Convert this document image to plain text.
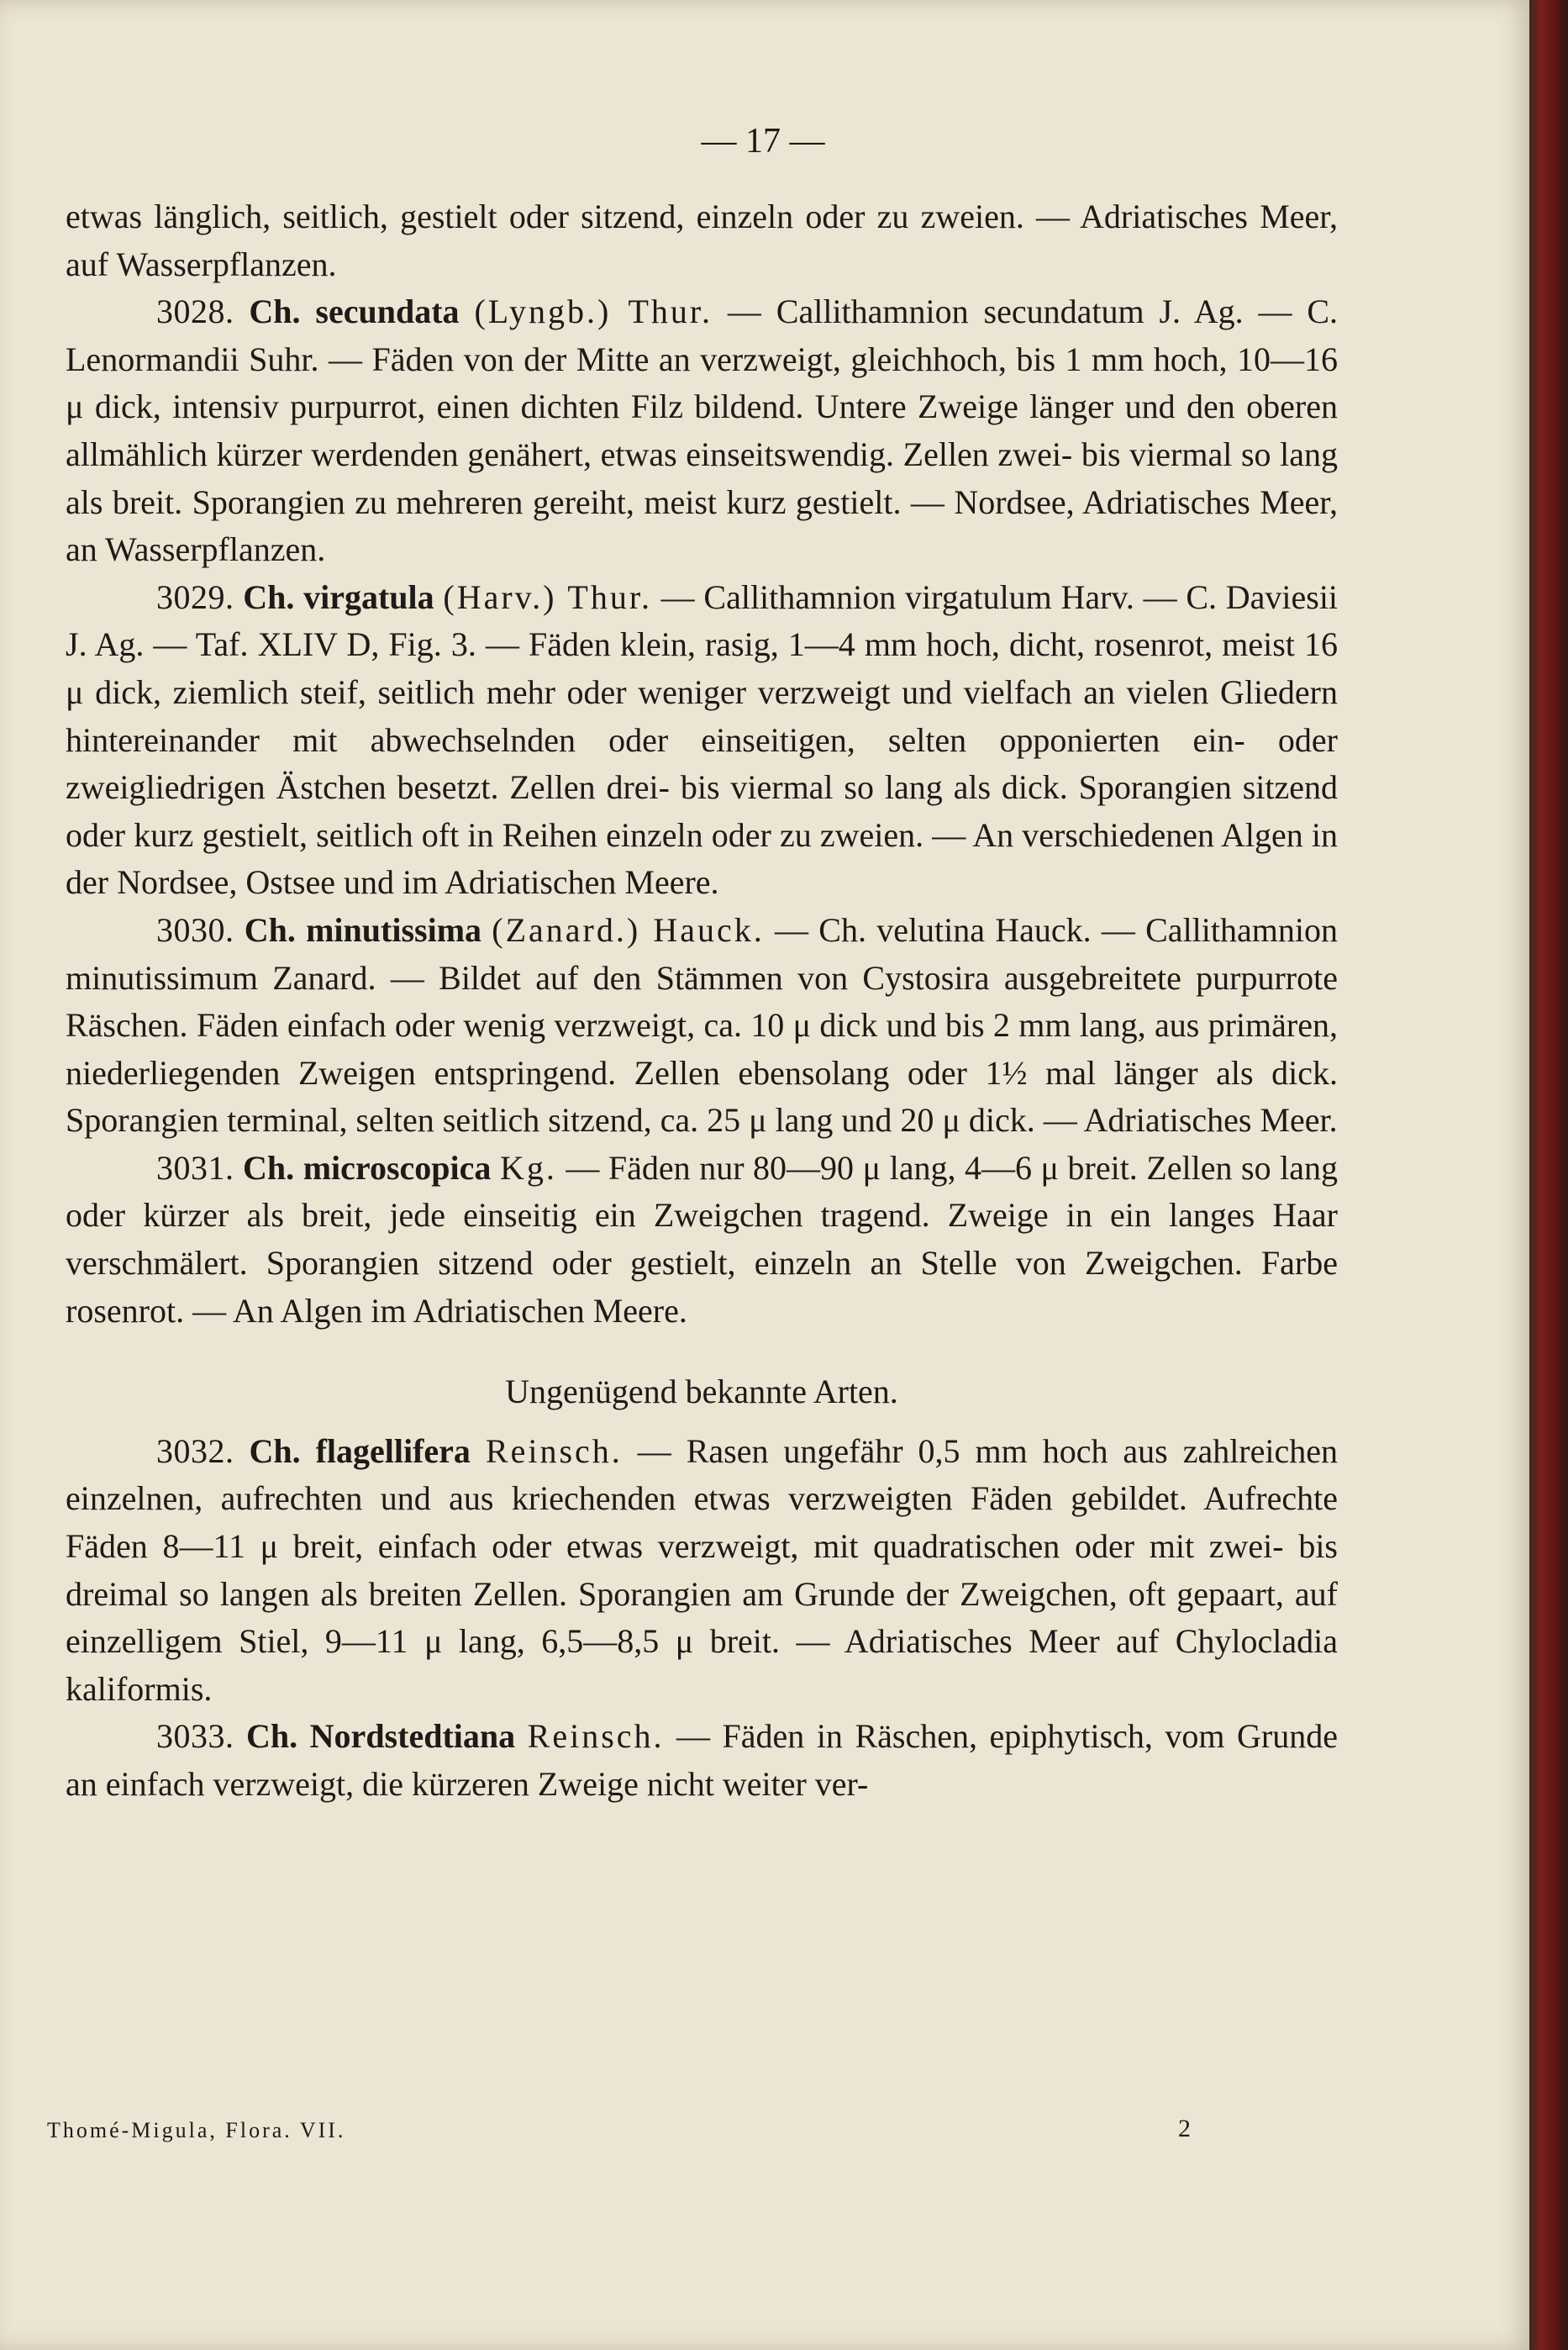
— 17 —

etwas länglich, seitlich, gestielt oder sitzend, einzeln oder zu zweien. — Adriatisches Meer, auf Wasserpflanzen.

3028. Ch. secundata (Lyngb.) Thur. — Callithamnion secundatum J. Ag. — C. Lenormandii Suhr. — Fäden von der Mitte an verzweigt, gleichhoch, bis 1 mm hoch, 10—16 μ dick, intensiv purpurrot, einen dichten Filz bildend. Untere Zweige länger und den oberen allmählich kürzer werdenden genähert, etwas einseitswendig. Zellen zwei- bis viermal so lang als breit. Sporangien zu mehreren gereiht, meist kurz gestielt. — Nordsee, Adriatisches Meer, an Wasserpflanzen.

3029. Ch. virgatula (Harv.) Thur. — Callithamnion virgatulum Harv. — C. Daviesii J. Ag. — Taf. XLIV D, Fig. 3. — Fäden klein, rasig, 1—4 mm hoch, dicht, rosenrot, meist 16 μ dick, ziemlich steif, seitlich mehr oder weniger verzweigt und vielfach an vielen Gliedern hintereinander mit abwechselnden oder einseitigen, selten opponierten ein- oder zweigliedrigen Ästchen besetzt. Zellen drei- bis viermal so lang als dick. Sporangien sitzend oder kurz gestielt, seitlich oft in Reihen einzeln oder zu zweien. — An verschiedenen Algen in der Nordsee, Ostsee und im Adriatischen Meere.

3030. Ch. minutissima (Zanard.) Hauck. — Ch. velutina Hauck. — Callithamnion minutissimum Zanard. — Bildet auf den Stämmen von Cystosira ausgebreitete purpurrote Räschen. Fäden einfach oder wenig verzweigt, ca. 10 μ dick und bis 2 mm lang, aus primären, niederliegenden Zweigen entspringend. Zellen ebensolang oder 1½ mal länger als dick. Sporangien terminal, selten seitlich sitzend, ca. 25 μ lang und 20 μ dick. — Adriatisches Meer.

3031. Ch. microscopica Kg. — Fäden nur 80—90 μ lang, 4—6 μ breit. Zellen so lang oder kürzer als breit, jede einseitig ein Zweigchen tragend. Zweige in ein langes Haar verschmälert. Sporangien sitzend oder gestielt, einzeln an Stelle von Zweigchen. Farbe rosenrot. — An Algen im Adriatischen Meere.

Ungenügend bekannte Arten.

3032. Ch. flagellifera Reinsch. — Rasen ungefähr 0,5 mm hoch aus zahlreichen einzelnen, aufrechten und aus kriechenden etwas verzweigten Fäden gebildet. Aufrechte Fäden 8—11 μ breit, einfach oder etwas verzweigt, mit quadratischen oder mit zwei- bis dreimal so langen als breiten Zellen. Sporangien am Grunde der Zweigchen, oft gepaart, auf einzelligem Stiel, 9—11 μ lang, 6,5—8,5 μ breit. — Adriatisches Meer auf Chylocladia kaliformis.

3033. Ch. Nordstedtiana Reinsch. — Fäden in Räschen, epiphytisch, vom Grunde an einfach verzweigt, die kürzeren Zweige nicht weiter ver-

Thomé-Migula, Flora. VII.	2
